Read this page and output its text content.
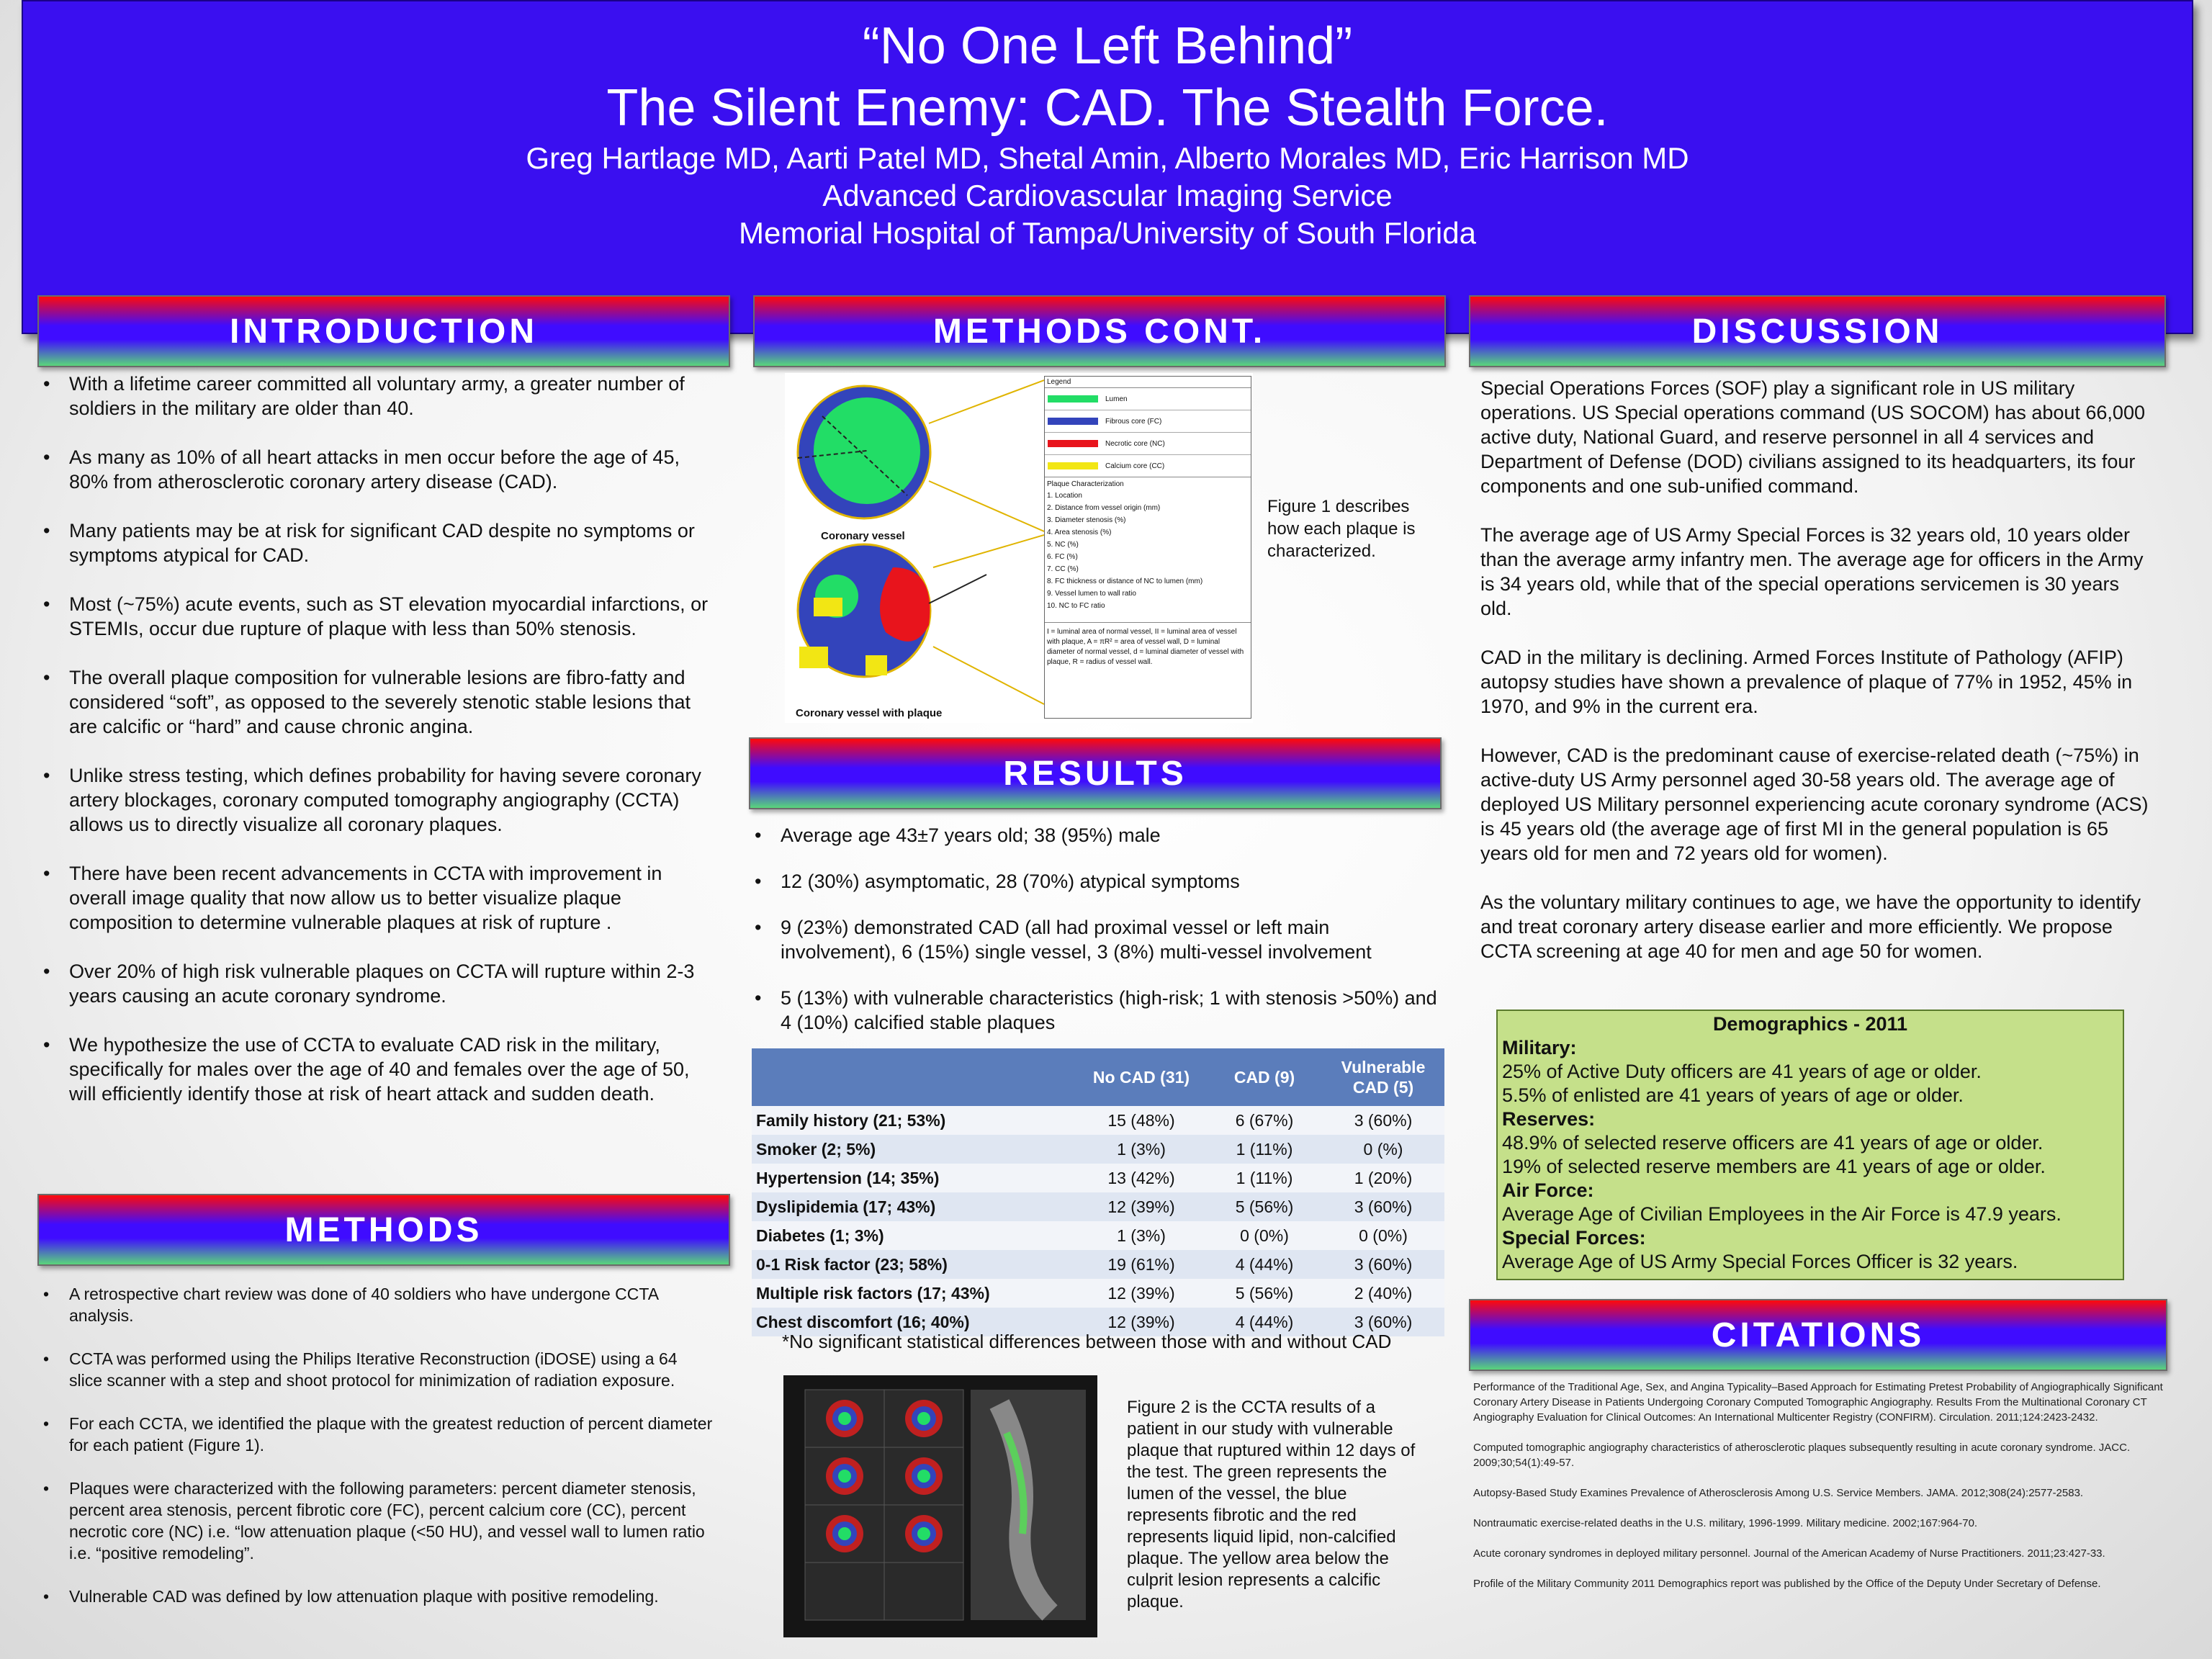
“No One Left Behind”
The Silent Enemy: CAD. The Stealth Force.
Greg Hartlage MD, Aarti Patel MD, Shetal Amin, Alberto Morales MD, Eric Harrison MD
Advanced Cardiovascular Imaging Service
Memorial Hospital of Tampa/University of South Florida
INTRODUCTION	METHODS CONT.	DISCUSSION
RESULTS
METHODS
CITATIONS
• With a lifetime career committed all voluntary army, a greater number of soldiers in the military are older than 40.
• As many as 10% of all heart attacks in men occur before the age of 45, 80% from atherosclerotic coronary artery disease (CAD).
• Many patients may be at risk for significant CAD despite no symptoms or symptoms atypical for CAD.
• Most (~75%) acute events, such as ST elevation myocardial infarctions, or STEMIs, occur due rupture of plaque with less than 50% stenosis.
• The overall plaque composition for vulnerable lesions are fibro-fatty and considered “soft”, as opposed to the severely stenotic stable lesions that are calcific or “hard” and cause chronic angina.
• Unlike stress testing, which defines probability for having severe coronary artery blockages, coronary computed tomography angiography (CCTA) allows us to directly visualize all coronary plaques.
• There have been recent advancements in CCTA with improvement in overall image quality that now allow us to better visualize plaque composition to determine vulnerable plaques at risk of rupture .
• Over 20% of high risk vulnerable plaques on CCTA will rupture within 2-3 years causing an acute coronary syndrome.
• We hypothesize the use of CCTA to evaluate CAD risk in the military, specifically for males over the age of 40 and females over the age of 50, will efficiently identify those at risk of heart attack and sudden death.
• A retrospective chart review was done of 40 soldiers who have undergone CCTA analysis.
• CCTA was performed using the Philips Iterative Reconstruction (iDOSE) using a 64 slice scanner with a step and shoot protocol for minimization of radiation exposure.
• For each CCTA, we identified the plaque with the greatest reduction of percent diameter for each patient (Figure 1).
• Plaques were characterized with the following parameters: percent diameter stenosis, percent area stenosis, percent fibrotic core (FC), percent calcium core (CC), percent necrotic core (NC) i.e. “low attenuation plaque (<50 HU), and vessel wall to lumen ratio i.e. “positive remodeling”.
• Vulnerable CAD was defined by low attenuation plaque with positive remodeling.
Coronary vessel
Coronary vessel with plaque
Legend
Lumen
Fibrous core (FC)
Necrotic core (NC)
Calcium core (CC)
Plaque Characterization
1. Location
2. Distance from vessel origin (mm)
3. Diameter stenosis (%)
4. Area stenosis (%)
5. NC (%)
6. FC (%)
7. CC (%)
8. FC thickness or distance of NC to lumen (mm)
9. Vessel lumen to wall ratio
10. NC to FC ratio
I = luminal area of normal vessel, II = luminal area of vessel with plaque, A = πR² = area of vessel wall, D = luminal diameter of normal vessel, d = luminal diameter of vessel with plaque, R = radius of vessel wall.
Figure 1 describes how each plaque is characterized.
• Average age 43±7 years old; 38 (95%) male
• 12 (30%) asymptomatic, 28 (70%) atypical symptoms
• 9 (23%) demonstrated CAD (all had proximal vessel or left main involvement), 6 (15%) single vessel, 3 (8%) multi-vessel involvement
• 5 (13%) with vulnerable characteristics (high-risk; 1 with stenosis >50%) and 4 (10%) calcified stable plaques
	No CAD (31)	CAD (9)	Vulnerable CAD (5)
Family history (21; 53%)	15 (48%)	6 (67%)	3 (60%)
Smoker (2; 5%)	1 (3%)	1 (11%)	0 (%)
Hypertension (14; 35%)	13 (42%)	1 (11%)	1 (20%)
Dyslipidemia (17; 43%)	12 (39%)	5 (56%)	3 (60%)
Diabetes (1; 3%)	1 (3%)	0 (0%)	0 (0%)
0-1 Risk factor (23; 58%)	19 (61%)	4 (44%)	3 (60%)
Multiple risk factors (17; 43%)	12 (39%)	5 (56%)	2 (40%)
Chest discomfort (16; 40%)	12 (39%)	4 (44%)	3 (60%)
*No significant statistical differences between those with and without CAD
Figure 2 is the CCTA results of a patient in our study with vulnerable plaque that ruptured within 12 days of the test. The green represents the lumen of the vessel, the blue represents fibrotic and the red represents liquid lipid, non-calcified plaque. The yellow area below the culprit lesion represents a calcific plaque.

Special Operations Forces (SOF) play a significant role in US military operations. US Special operations command (US SOCOM) has about 66,000 active duty, National Guard, and reserve personnel in all 4 services and Department of Defense (DOD) civilians assigned to its headquarters, its four components and one sub-unified command.

The average age of US Army Special Forces is 32 years old, 10 years older than the average army infantry men. The average age for officers in the Army is 34 years old, while that of the special operations servicemen is 30 years old.

CAD in the military is declining. Armed Forces Institute of Pathology (AFIP) autopsy studies have shown a prevalence of plaque of 77% in 1952, 45% in 1970, and 9% in the current era.

However, CAD is the predominant cause of exercise-related death (~75%) in active-duty US Army personnel aged 30-58 years old. The average age of deployed US Military personnel experiencing acute coronary syndrome (ACS) is 45 years old (the average age of first MI in the general population is 65 years old for men and 72 years old for women).

As the voluntary military continues to age, we have the opportunity to identify and treat coronary artery disease earlier and more efficiently. We propose CCTA screening at age 40 for men and age 50 for women.

Demographics - 2011
Military:
25% of Active Duty officers are 41 years of age or older.
5.5% of enlisted are 41 years of years of age or older.
Reserves:
48.9% of selected reserve officers are 41 years of age or older.
19% of selected reserve members are 41 years of age or older.
Air Force:
Average Age of Civilian Employees in the Air Force is 47.9 years.
Special Forces:
Average Age of US Army Special Forces Officer is 32 years.

Performance of the Traditional Age, Sex, and Angina Typicality–Based Approach for Estimating Pretest Probability of Angiographically Significant Coronary Artery Disease in Patients Undergoing Coronary Computed Tomographic Angiography. Results From the Multinational Coronary CT Angiography Evaluation for Clinical Outcomes: An International Multicenter Registry (CONFIRM). Circulation. 2011;124:2423-2432.

Computed tomographic angiography characteristics of atherosclerotic plaques subsequently resulting in acute coronary syndrome. JACC. 2009;30;54(1):49-57.

Autopsy-Based Study Examines Prevalence of Atherosclerosis Among U.S. Service Members. JAMA. 2012;308(24):2577-2583.

Nontraumatic exercise-related deaths in the U.S. military, 1996-1999. Military medicine. 2002;167:964-70.

Acute coronary syndromes in deployed military personnel. Journal of the American Academy of Nurse Practitioners. 2011;23:427-33.

Profile of the Military Community 2011 Demographics report was published by the Office of the Deputy Under Secretary of Defense.
